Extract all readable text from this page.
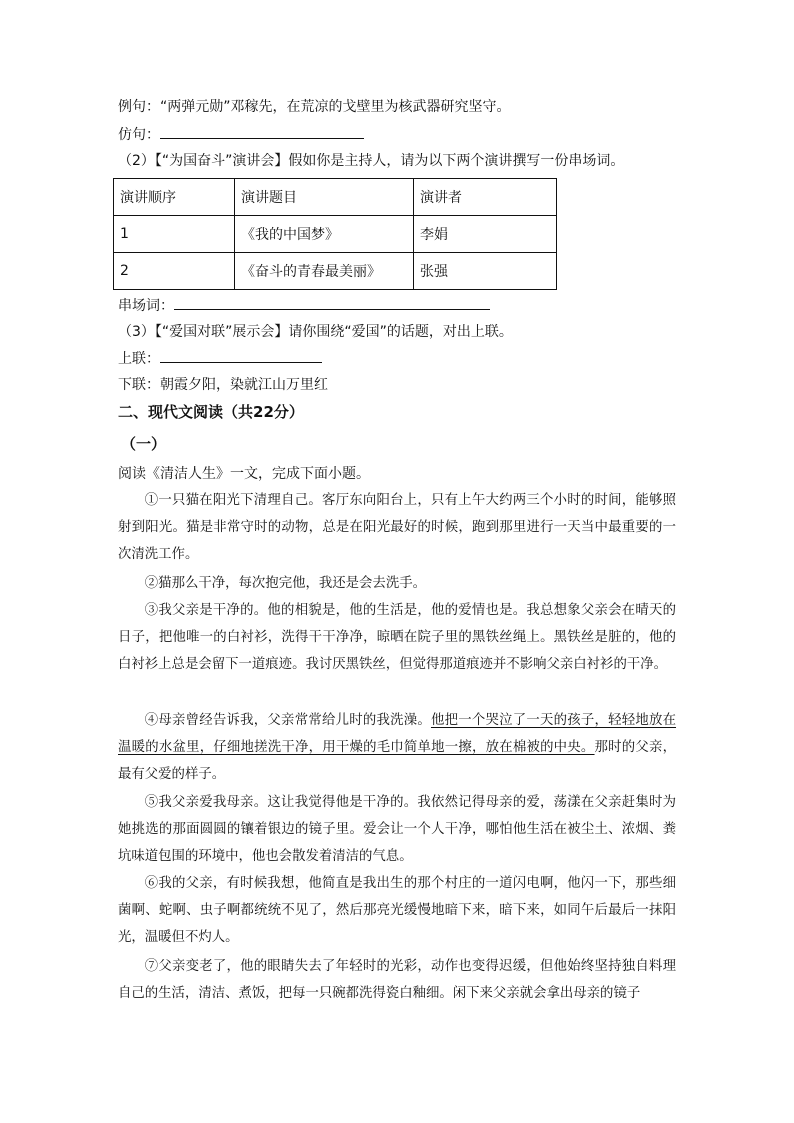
例句：“两弹元勋”邓稼先，在荒凉的戈壁里为核武器研究坚守。
仿句：
（2）【“为国奋斗”演讲会】假如你是主持人，请为以下两个演讲撰写一份串场词。
演讲顺序	演讲题目	演讲者
1	《我的中国梦》	李娟
2	《奋斗的青春最美丽》	张强
串场词：
（3）【“爱国对联”展示会】请你围绕“爱国”的话题，对出上联。
上联：
下联：朝霞夕阳，染就江山万里红
二、现代文阅读（共22分）
（一）
阅读《清洁人生》一文，完成下面小题。
①一只猫在阳光下清理自己。客厅东向阳台上，只有上午大约两三个小时的时间，能够照射到阳光。猫是非常守时的动物，总是在阳光最好的时候，跑到那里进行一天当中最重要的一次清洗工作。
②猫那么干净，每次抱完他，我还是会去洗手。
③我父亲是干净的。他的相貌是，他的生活是，他的爱情也是。我总想象父亲会在晴天的日子，把他唯一的白衬衫，洗得干干净净，晾晒在院子里的黑铁丝绳上。黑铁丝是脏的，他的白衬衫上总是会留下一道痕迹。我讨厌黑铁丝，但觉得那道痕迹并不影响父亲白衬衫的干净。
④母亲曾经告诉我，父亲常常给儿时的我洗澡。他把一个哭泣了一天的孩子，轻轻地放在温暖的水盆里，仔细地搓洗干净，用干燥的毛巾简单地一擦，放在棉被的中央。那时的父亲，最有父爱的样子。
⑤我父亲爱我母亲。这让我觉得他是干净的。我依然记得母亲的爱，荡漾在父亲赶集时为她挑选的那面圆圆的镶着银边的镜子里。爱会让一个人干净，哪怕他生活在被尘土、浓烟、粪坑味道包围的环境中，他也会散发着清洁的气息。
⑥我的父亲，有时候我想，他简直是我出生的那个村庄的一道闪电啊，他闪一下，那些细菌啊、蛇啊、虫子啊都统统不见了，然后那亮光缓慢地暗下来，暗下来，如同午后最后一抹阳光，温暖但不灼人。
⑦父亲变老了，他的眼睛失去了年轻时的光彩，动作也变得迟缓，但他始终坚持独自料理自己的生活，清洁、煮饭，把每一只碗都洗得瓷白釉细。闲下来父亲就会拿出母亲的镜子
